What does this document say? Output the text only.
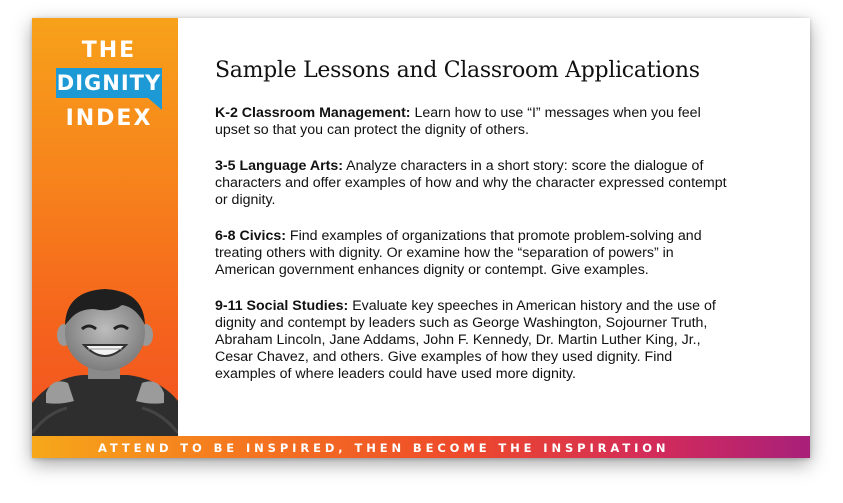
THE
DIGNITY
INDEX
Sample Lessons and Classroom Applications

K-2 Classroom Management: Learn how to use “I” messages when you feel upset so that you can protect the dignity of others.

3-5 Language Arts: Analyze characters in a short story: score the dialogue of characters and offer examples of how and why the character expressed contempt or dignity.

6-8 Civics: Find examples of organizations that promote problem-solving and treating others with dignity. Or examine how the “separation of powers” in American government enhances dignity or contempt. Give examples.

9-11 Social Studies: Evaluate key speeches in American history and the use of dignity and contempt by leaders such as George Washington, Sojourner Truth, Abraham Lincoln, Jane Addams, John F. Kennedy, Dr. Martin Luther King, Jr., Cesar Chavez, and others. Give examples of how they used dignity. Find examples of where leaders could have used more dignity.

ATTEND TO BE INSPIRED, THEN BECOME THE INSPIRATION
